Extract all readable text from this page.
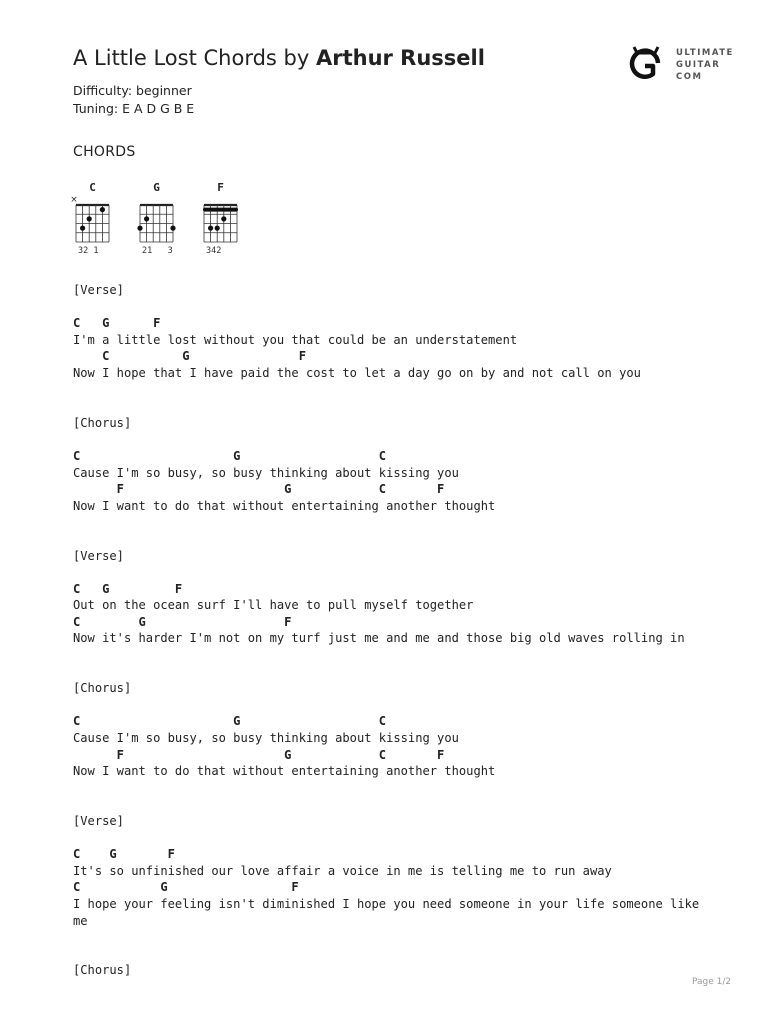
A Little Lost Chords by Arthur Russell
Difficulty: beginner
Tuning: E A D G B E
ULTIMATE
GUITAR
COM
CHORDS
C
×
32 1
G
21   3
F
342
[Verse]
C   G      F
I'm a little lost without you that could be an understatement
C          G               F
Now I hope that I have paid the cost to let a day go on by and not call on you
[Chorus]
C                     G                   C
Cause I'm so busy, so busy thinking about kissing you
F                      G            C       F
Now I want to do that without entertaining another thought
[Verse]
C   G         F
Out on the ocean surf I'll have to pull myself together
C        G                   F
Now it's harder I'm not on my turf just me and me and those big old waves rolling in
[Chorus]
C                     G                   C
Cause I'm so busy, so busy thinking about kissing you
F                      G            C       F
Now I want to do that without entertaining another thought
[Verse]
C    G       F
It's so unfinished our love affair a voice in me is telling me to run away
C           G                 F
I hope your feeling isn't diminished I hope you need someone in your life someone like
me
[Chorus]
Page 1/2
